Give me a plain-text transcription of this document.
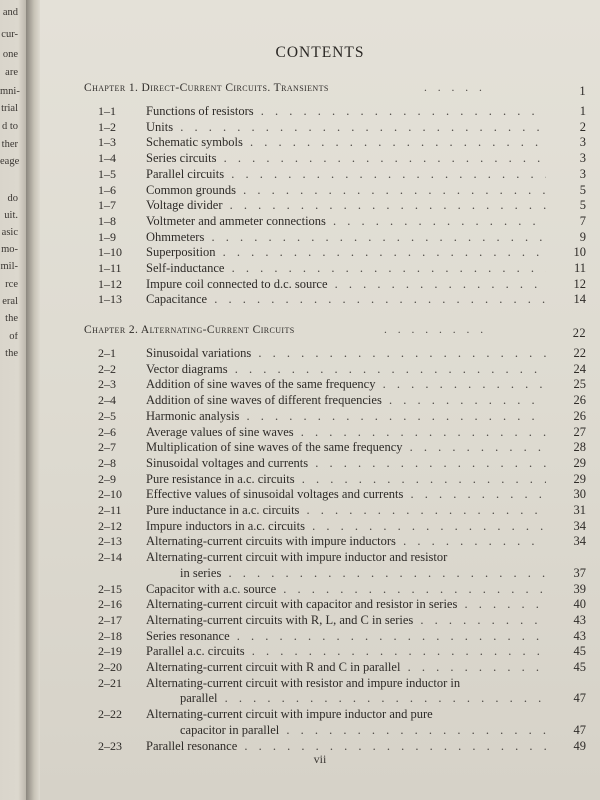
and
cur-
one
are
mni-
trial
d to
ther
eage
do
uit.
asic
mo-
mil-
rce
eral
the
of
the
CONTENTS
vii
Chapter 1. Direct-Current Circuits. Transients	. . . . .	1
1–1	Functions of resistors . . .	1
1–2	Units . . .	2
1–3	Schematic symbols . . .	3
1–4	Series circuits . . .	3
1–5	Parallel circuits . . .	3
1–6	Common grounds . . .	5
1–7	Voltage divider . . .	5
1–8	Voltmeter and ammeter connections . . .	7
1–9	Ohmmeters . . .	9
1–10	Superposition . . .	10
1–11	Self-inductance . . .	11
1–12	Impure coil connected to d.c. source . . .	12
1–13	Capacitance . . .	14
Chapter 2. Alternating-Current Circuits	. . . . . . . .	22
2–1	Sinusoidal variations . . .	22
2–2	Vector diagrams . . .	24
2–3	Addition of sine waves of the same frequency . . .	25
2–4	Addition of sine waves of different frequencies . . .	26
2–5	Harmonic analysis . . .	26
2–6	Average values of sine waves . . .	27
2–7	Multiplication of sine waves of the same frequency . . .	28
2–8	Sinusoidal voltages and currents . . .	29
2–9	Pure resistance in a.c. circuits . . .	29
2–10	Effective values of sinusoidal voltages and currents . . .	30
2–11	Pure inductance in a.c. circuits . . .	31
2–12	Impure inductors in a.c. circuits . . .	34
2–13	Alternating-current circuits with impure inductors . . .	34
2–14	Alternating-current circuit with impure inductor and resistor
in series . . .	37
2–15	Capacitor with a.c. source . . .	39
2–16	Alternating-current circuit with capacitor and resistor in series . . .	40
2–17	Alternating-current circuits with R, L, and C in series . . .	43
2–18	Series resonance . . .	43
2–19	Parallel a.c. circuits . . .	45
2–20	Alternating-current circuit with R and C in parallel . . .	45
2–21	Alternating-current circuit with resistor and impure inductor in
parallel . . .	47
2–22	Alternating-current circuit with impure inductor and pure
capacitor in parallel . . .	47
2–23	Parallel resonance . . .	49
